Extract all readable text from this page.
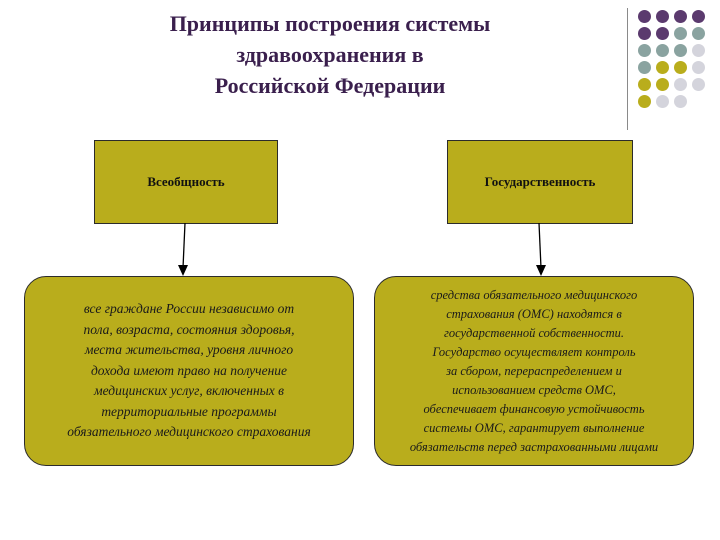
Принципы построения системы
здравоохранения в
Российской Федерации
Всеобщность	Государственность
все граждане России независимо от
пола, возраста, состояния здоровья,
места жительства, уровня личного
дохода имеют право на получение
медицинских услуг, включенных в
территориальные программы
обязательного медицинского страхования
средства обязательного медицинского
страхования (ОМС) находятся в
государственной собственности.
Государство осуществляет контроль
за сбором, перераспределением и
использованием средств ОМС,
обеспечивает финансовую устойчивость
системы ОМС, гарантирует выполнение
обязательств перед застрахованными лицами
